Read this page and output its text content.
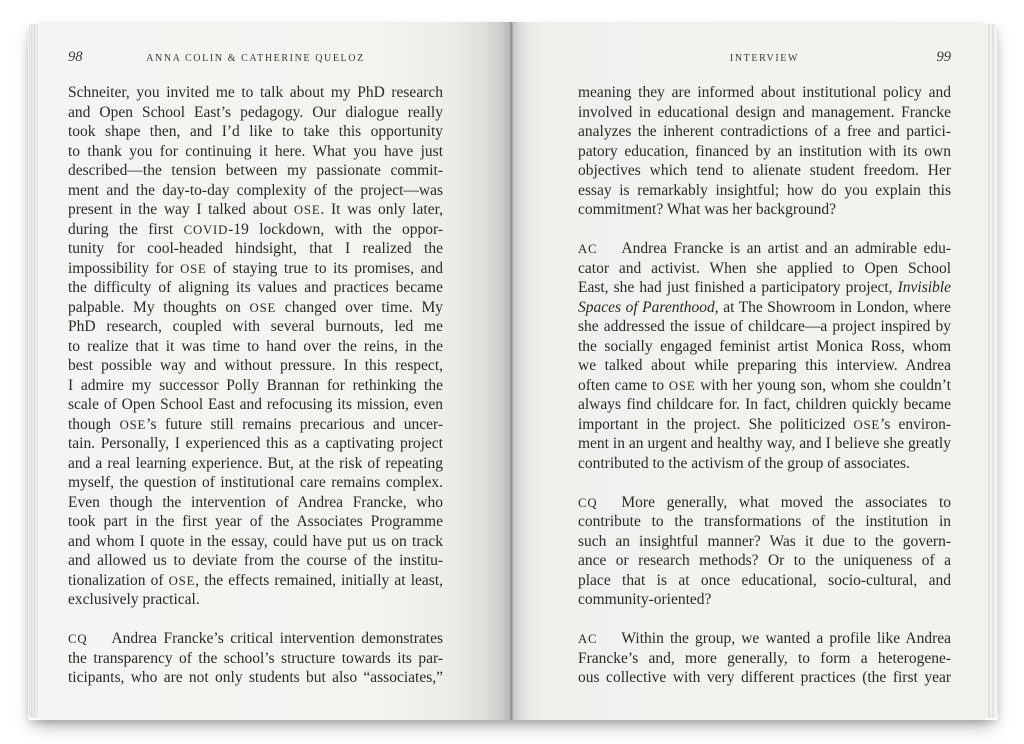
98	ANNA COLIN & CATHERINE QUELOZ
Schneiter, you invited me to talk about my PhD research
and Open School East’s pedagogy. Our dialogue really
took shape then, and I’d like to take this opportunity
to thank you for continuing it here. What you have just
described—the tension between my passionate commit-
ment and the day-to-day complexity of the project—was
present in the way I talked about OSE. It was only later,
during the first COVID-19 lockdown, with the oppor-
tunity for cool-headed hindsight, that I realized the
impossibility for OSE of staying true to its promises, and
the difficulty of aligning its values and practices became
palpable. My thoughts on OSE changed over time. My
PhD research, coupled with several burnouts, led me
to realize that it was time to hand over the reins, in the
best possible way and without pressure. In this respect,
I admire my successor Polly Brannan for rethinking the
scale of Open School East and refocusing its mission, even
though OSE’s future still remains precarious and uncer-
tain. Personally, I experienced this as a captivating project
and a real learning experience. But, at the risk of repeating
myself, the question of institutional care remains complex.
Even though the intervention of Andrea Francke, who
took part in the first year of the Associates Programme
and whom I quote in the essay, could have put us on track
and allowed us to deviate from the course of the institu-
tionalization of OSE, the effects remained, initially at least,
exclusively practical.
CQ Andrea Francke’s critical intervention demonstrates
the transparency of the school’s structure towards its par-
ticipants, who are not only students but also “associates,”
INTERVIEW	99
meaning they are informed about institutional policy and
involved in educational design and management. Francke
analyzes the inherent contradictions of a free and partici-
patory education, financed by an institution with its own
objectives which tend to alienate student freedom. Her
essay is remarkably insightful; how do you explain this
commitment? What was her background?
AC Andrea Francke is an artist and an admirable edu-
cator and activist. When she applied to Open School
East, she had just finished a participatory project, Invisible
Spaces of Parenthood, at The Showroom in London, where
she addressed the issue of childcare—a project inspired by
the socially engaged feminist artist Monica Ross, whom
we talked about while preparing this interview. Andrea
often came to OSE with her young son, whom she couldn’t
always find childcare for. In fact, children quickly became
important in the project. She politicized OSE’s environ-
ment in an urgent and healthy way, and I believe she greatly
contributed to the activism of the group of associates.
CQ More generally, what moved the associates to
contribute to the transformations of the institution in
such an insightful manner? Was it due to the govern-
ance or research methods? Or to the uniqueness of a
place that is at once educational, socio-cultural, and
community-oriented?
AC Within the group, we wanted a profile like Andrea
Francke’s and, more generally, to form a heterogene-
ous collective with very different practices (the first year
